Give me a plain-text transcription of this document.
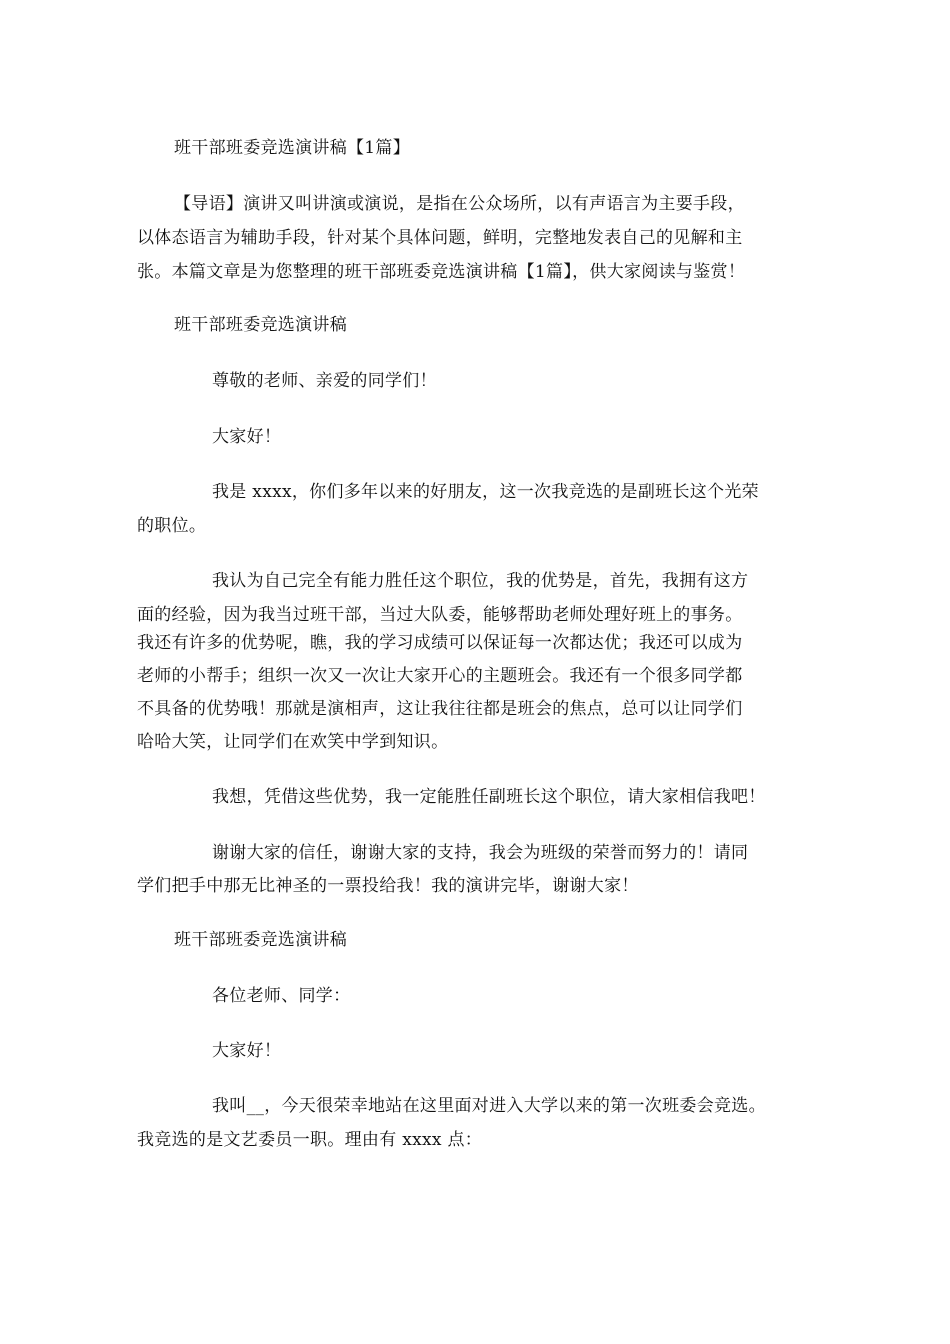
班干部班委竞选演讲稿【1篇】
【导语】演讲又叫讲演或演说，是指在公众场所，以有声语言为主要手段，
以体态语言为辅助手段，针对某个具体问题，鲜明，完整地发表自己的见解和主
张。本篇文章是为您整理的班干部班委竞选演讲稿【1篇】，供大家阅读与鉴赏！
班干部班委竞选演讲稿
尊敬的老师、亲爱的同学们！
大家好！
我是 xxxx，你们多年以来的好朋友，这一次我竞选的是副班长这个光荣
的职位。
我认为自己完全有能力胜任这个职位，我的优势是，首先，我拥有这方
面的经验，因为我当过班干部，当过大队委，能够帮助老师处理好班上的事务。
我还有许多的优势呢，瞧，我的学习成绩可以保证每一次都达优；我还可以成为
老师的小帮手；组织一次又一次让大家开心的主题班会。我还有一个很多同学都
不具备的优势哦！那就是演相声，这让我往往都是班会的焦点，总可以让同学们
哈哈大笑，让同学们在欢笑中学到知识。
我想，凭借这些优势，我一定能胜任副班长这个职位，请大家相信我吧！
谢谢大家的信任，谢谢大家的支持，我会为班级的荣誉而努力的！请同
学们把手中那无比神圣的一票投给我！我的演讲完毕，谢谢大家！
班干部班委竞选演讲稿
各位老师、同学：
大家好！
我叫__，今天很荣幸地站在这里面对进入大学以来的第一次班委会竞选。
我竞选的是文艺委员一职。理由有 xxxx 点：
